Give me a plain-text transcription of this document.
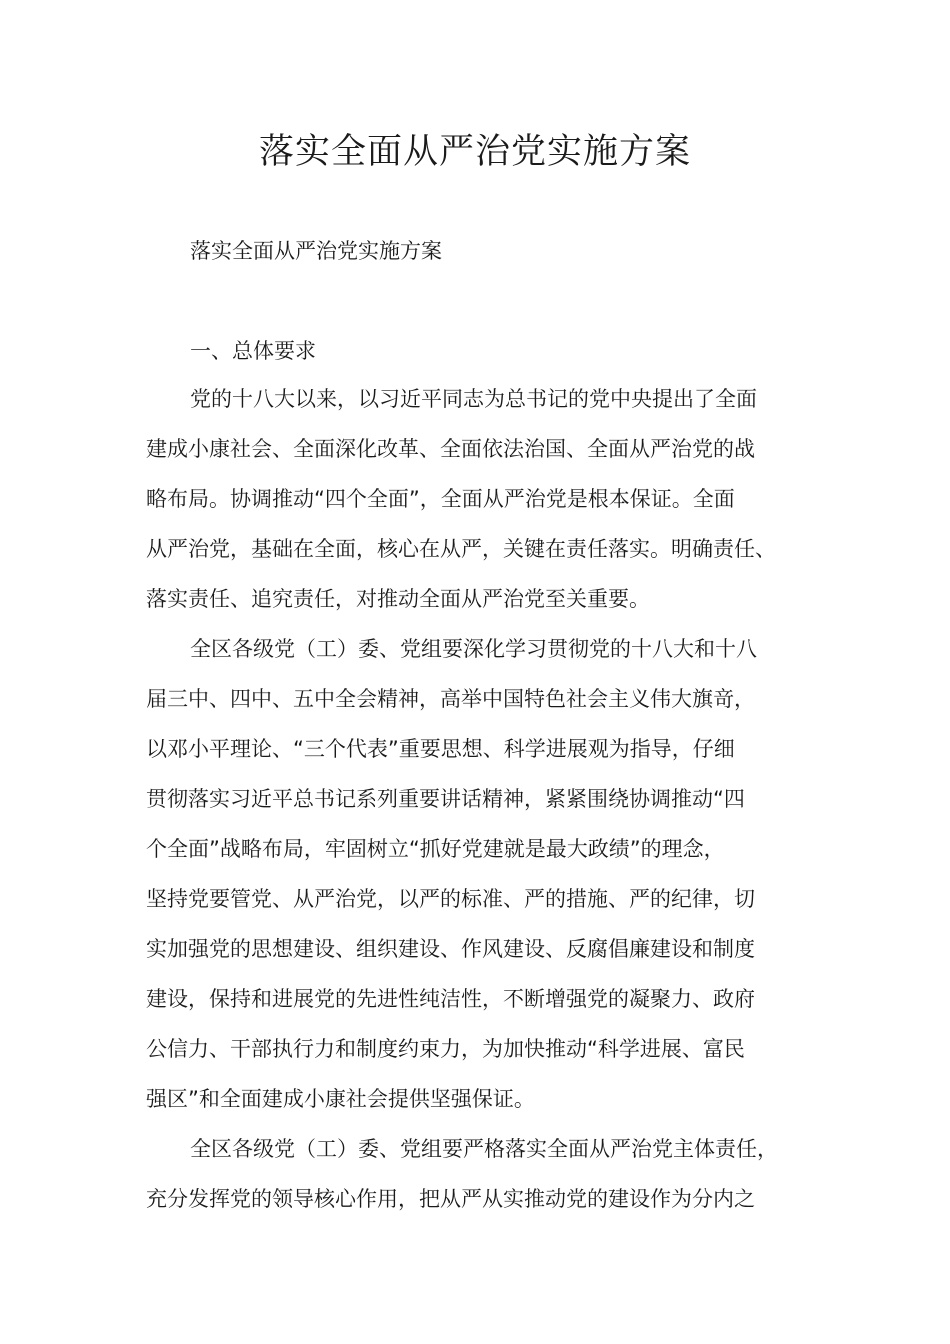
落实全面从严治党实施方案

落实全面从严治党实施方案

一、总体要求

党的十八大以来，以习近平同志为总书记的党中央提出了全面
建成小康社会、全面深化改革、全面依法治国、全面从严治党的战
略布局。协调推动“四个全面”，全面从严治党是根本保证。全面
从严治党，基础在全面，核心在从严，关键在责任落实。明确责任、
落实责任、追究责任，对推动全面从严治党至关重要。
全区各级党（工）委、党组要深化学习贯彻党的十八大和十八
届三中、四中、五中全会精神，高举中国特色社会主义伟大旗竒，
以邓小平理论、“三个代表”重要思想、科学进展观为指导，仔细
贯彻落实习近平总书记系列重要讲话精神，紧紧围绕协调推动“四
个全面”战略布局，牢固树立“抓好党建就是最大政绩”的理念，
坚持党要管党、从严治党，以严的标准、严的措施、严的纪律，切
实加强党的思想建设、组织建设、作风建设、反腐倡廉建设和制度
建设，保持和进展党的先进性纯洁性，不断增强党的凝聚力、政府
公信力、干部执行力和制度约束力，为加快推动“科学进展、富民
强区”和全面建成小康社会提供坚强保证。
全区各级党（工）委、党组要严格落实全面从严治党主体责任，
充分发挥党的领导核心作用，把从严从实推动党的建设作为分内之
